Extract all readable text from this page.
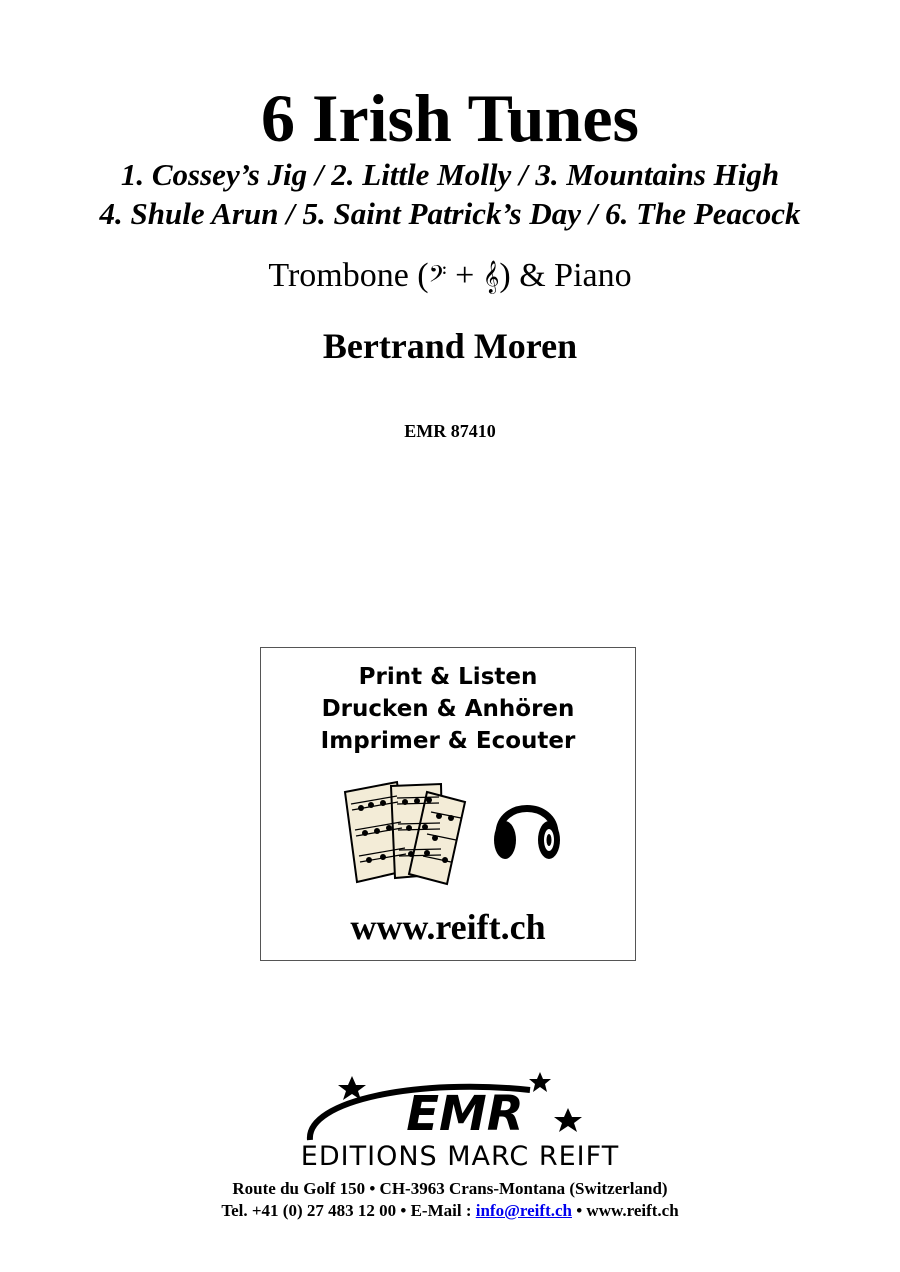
6 Irish Tunes
1. Cossey’s Jig / 2. Little Molly / 3. Mountains High
4. Shule Arun / 5. Saint Patrick’s Day / 6. The Peacock
Trombone (𝄢 + 𝄞) & Piano
Bertrand Moren
EMR 87410
Print & Listen
Drucken & Anhören
Imprimer & Ecouter
www.reift.ch
EMR
EDITIONS MARC REIFT
Route du Golf 150 • CH-3963 Crans-Montana (Switzerland)
Tel. +41 (0) 27 483 12 00 • E-Mail : info@reift.ch • www.reift.ch
